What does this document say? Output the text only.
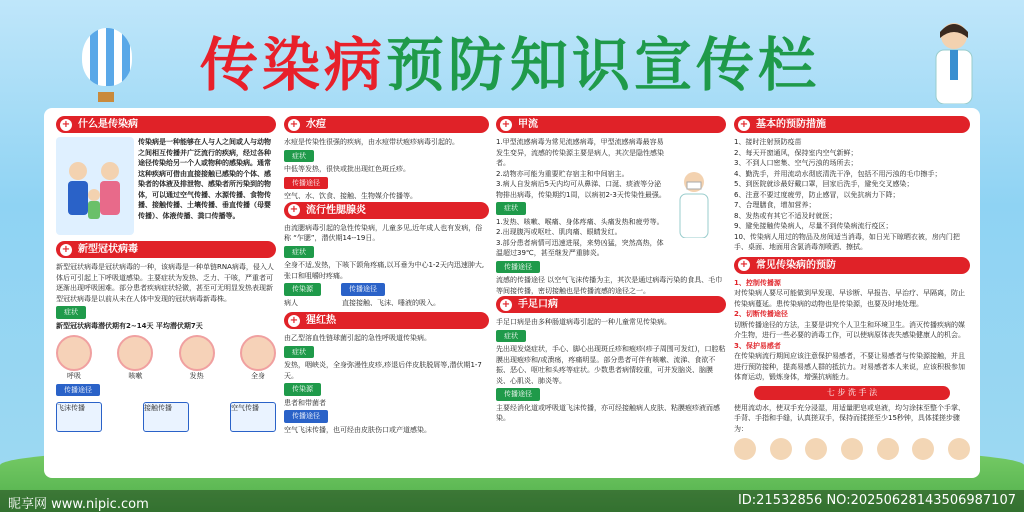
传染病预防知识宣传栏
+ 什么是传染病
传染病是一种能够在人与人之间或人与动物之间相互传播并广泛流行的疾病，经过各种途径传染给另一个人或物种的感染病。通常这种疾病可借由直接接触已感染的个体、感染者的体液及排泄物、感染者所污染到的物体，可以通过空气传播、水源传播、食物传播、接触传播、土壤传播、垂直传播（母婴传播）、体液传播、粪口传播等。
+ 新型冠状病毒
新型冠状病毒是冠状病毒的一种，该病毒是一种单链RNA病毒，侵入人体后可引起上下呼吸道感染。主要症状为发热、乏力、干咳，严重者可逐渐出现呼吸困难。部分患者疾病症状轻微，甚至可无明显发热表现新型冠状病毒是以前从未在人体中发现的冠状病毒新毒株。
症状
新型冠状病毒潜伏期有2~14天 平均潜伏期7天
呼吸	咳嗽	发热	全身
传播途径
飞沫传播	接触传播	空气传播
+ 水痘
水痘是传染性很强的疾病，由水痘带状疱疹病毒引起的。
症状
中低等发热，很快或批出现红色斑丘疹。
传播途径
空气、水、饮食、接触、生物媒介传播等。
+ 流行性腮腺炎
由流腮病毒引起的急性传染病，儿童多见,近年成人也有发病，俗称 “乍腮”，潜伏期14--19日。
症状
全身不适,发热，下咳下颌角疼痛,以耳垂为中心1-2天内迅速肿大,张口和咀嚼时疼痛。
传染源	传播途径
病人	直接接触、飞沫、唾液的吸入。
+ 猩红热
由乙型溶血性链球菌引起的急性呼吸道传染病。
症状
发热，咽峡炎，全身弥漫性皮疹,疹退后伴皮肤脱屑等,潜伏期1-7天。
传染源
患者和带菌者
传播途径
空气飞沫传播，也可经由皮肤伤口或产道感染。
+ 甲流
1.甲型流感病毒为常见流感病毒，甲型流感病毒最容易发生变异，流感的传染源主要是病人，其次是隐性感染者。
2.动物亦可能为重要贮存宿主和中间宿主。
3.病人自发病后5天内均可从鼻涕、口涎、痰液等分泌物排出病毒，传染期约1周，以病初2-3天传染性最强。
症状
1.发热、咳嗽、喉痛、身体疼痛、头痛发热和疲劳等。
2.出现腹泻或呕吐、肌肉痛、眼睛发红。
3.部分患者病情可迅速进展，来势凶猛，突然高热，体温超过39℃，甚至继发严重肺炎。
传播途径
流感的传播途径 以空气飞沫传播为主，其次是通过病毒污染的食具、毛巾等间接传播，密切接触也是传播流感的途径之一。
+ 手足口病
手足口病是由多种肠道病毒引起的一种儿童常见传染病。
症状
先出现发烧症状，手心、脚心出现斑丘疹和疱疹(疹子周围可发红)，口腔粘膜出现疱疹和/或溃疡，疼痛明显。部分患者可伴有咳嗽、流涕、食欲不振、恶心、呕吐和头疼等症状。少数患者病情较重，可并发脑炎、脑膜炎、心肌炎、肺炎等。
传播途径
主要经消化道或呼吸道飞沫传播，亦可经接触病人皮肤、粘膜疱疹液而感染。
+ 基本的预防措施
1、接时注射预防疫苗
2、每天开窗通风，保持室内空气新鲜；
3、不到人口密集、空气污浊的场所去；
4、勤洗手，并用流动水彻底清洗干净，包括不用污浊的毛巾擦手；
5、到医院就诊最好戴口罩，回家后洗手，避免交叉感染；
6、注意不要过度疲劳，防止感冒，以免抗病力下降；
7、合理膳食，增加营养；
8、发热或有其它不适及时就医；
9、避免接触传染病人，尽量不到传染病流行疫区；
10、传染病人用过的物品及房间适当消毒，如日光下晾晒衣被，房内门把手、桌面、地面用含氯消毒剂喷洒、擦拭。
+ 常见传染病的预防
1、控制传播源
对传染病人要尽可能做到早发现、早诊断、早报告、早治疗、早隔离，防止传染病蔓延。患传染病的动物也是传染源，也要及时地处理。
2、切断传播途径
切断传播途径的方法，主要是讲究个人卫生和环境卫生。消灭传播疾病的媒介生物，进行一些必要的消毒工作，可以使病原体丧失感染健康人的机会。
3、保护易感者
在传染病流行期间应该注意保护易感者，不要让易感者与传染源接触，并且进行预防接种，提高易感人群的抵抗力。对易感者本人来说，应该积极参加体育运动，锻炼身体，增强抗病能力。
七 步 洗 手 法
使用流动水，使双手充分浸湿，用适量肥皂或皂液，均匀涂抹至整个手掌、手背、手指和手缝，认真搓双手，保持而揉搓至少15秒钟，具体揉搓步骤为：
昵享网 www.nipic.com	ID:21532856 NO:20250628143506987107
